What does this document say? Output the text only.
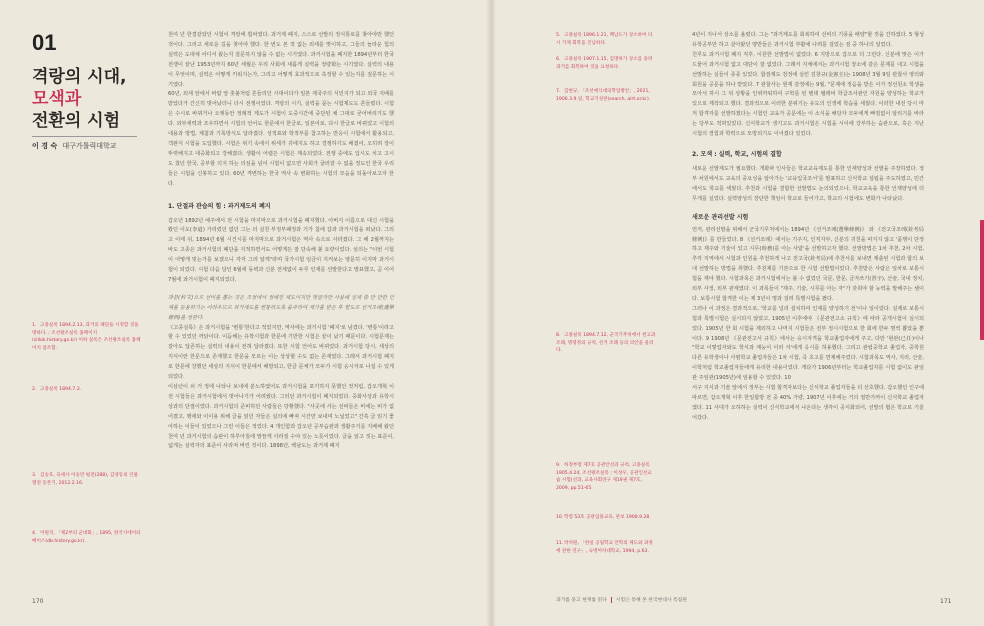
01
격랑의 시대,
모색과
전환의 시험
이 경 숙 대구가톨릭대학교
1. 고종실록 1894.2.13, 과거의 폐단을 시정할 것을 명하다. ; 조선왕조실록 홈페이지(sillok.history.go.kr) 이하 실록은 조선왕조실록 홈페이지 참조함.
2. 고종실록 1894.7.3.
3. 김승호, 육세사 이승만 평전(288), 김양동의 인물열전 동본기, 2012.2.16.
4. 이원석, 「제2부의 군대화」, 1895, 한국사데이터베이스(db.history.go.kr).

천여 년 한결같았던 시험이 격랑에 휩싸였다. 과거제 폐지, 스스로 선발의 정식통로를 찾아야만 했던 것이다. 그리고 새로운 길을 찾아야 했다. 한 번도 본 적 없는 외세를 맞이하고, 그들의 놀라운 힘의 실력은 도대체 어디서 왔는지 질문하지 않을 수 없는 시기였다. 과거시험을 폐지한 1894년부터 한국전쟁이 끝난 1953년까지 60년 세월은 우리 사회에 새롭게 실력을 정량화는 시기였다. 실력의 내용이 무엇이며, 실력은 어떻게 키워지는가, 그리고 어떻게 효과적으로 측정할 수 있는지를 질문하는 시기였다.

60년, 외세 앞에서 바람 앞 촛불처럼 흔들리던 시대이다가 일본 제국주의 식민지가 되고 외국 지배를 받았다가 간신히 벗어났더니 다시 전쟁이었다. 격랑의 시기, 실력을 묻는 시험제도도 흔들렸다. 시험은 수시로 바뀌거나 오랫동안 정례적 제도가 시험이 도중시간에 중단된 채 그대로 굳어버리기도 했다. 외부세력과 조우하면서 시험의 언어도 한문에서 한글로, 일본어로, 다시 한글로 바뀌었고 시험의 내용과 방법, 제첨과 기록방식도 달라졌다. 성적표와 학적부를 참고하는 반응이 시험에서 활용되고, 객관식 시험을 도입했다. 시험은 위기 속에서 위세가 귀에지도 하고 경쟁하기도 해졌어, 오히려 장이 뚜렷해지고 대중화되고 강해졌다. 생활이 어렵든 시험은 계속되었다. 전쟁 중에도 입시도 치고 고시도 쳤던 한국, 공부할 의지 하는 의심을 넘어 시험이 없으면 사회가 굴러갈 수 없을 정도인 한국 우리들은 시험을 신봉하고 있다. 60년 격변하는 한국 역사 속 변화하는 시험의 모습을 되돌아보고자 한다.

1. 단절과 관습의 힘 : 과거제도의 폐지

갑오년 1892년 예주에서 전 시험을 마지막으로 과거시험을 폐지했다. 아버지 이름으로 대신 시험을 봤던 이도(李道) 가리렀던 없던 그는 더 실천 부정부패정과 기가 첨에 갑과 과거시험을 떠났다. 그리고 이태 뒤, 1894년 6월 시건시를 마지막으로 과거시험은 역사 속으로 사라졌다. 그 해 2월까지는 바도 고종은 과거시험의 폐단을 지적하면서도 어떻게든 잘 단속해 볼 요량이었다. 심의는 "이번 시험이 어떻게 빗는가를 보겠으니 각각 그러 알게"라며 국가시험 임금이 지켜보는 영문히 이지막 과거시험이 되었다. 시험 다음 달인 6월에 동벽과 신분 전제없이 두루 인재를 선발한다고 발표했고, 곧 이어 7월에 과거시험이 폐지되었다.

과문(科文)으로 선비를 뽑는 것은 조정에서 정해진 제도이지만 헛글자만 사용해 실제 쓸 만 만한 인재를 등용하기는 어려우므로 과거제도를 변통하도록 품주하여 재가를 받은 후 별도로 선거조례(選擧條例)를 정한다.

《고종실록》은 과거시험을 '변통'한다고 적었지만, 역사에는 과거시험 '폐지'로 남겼다. '변통'이라고 할 수 있었던 까닭이다. 이듬해는 유학시험과 한문에 기반한 시험은 끝이 났기 때문이다. 시험문제는 갈아도 답존하는 실력의 내용이 전혀 달라졌다. 또한 시험 언어도 바뀌었다. 과거시험 당시, 세상의 지식이란 한문으로 존재했고 한문을 모르는 이는 상상할 수도 없는 존재였다. 그래서 과거시험 폐지로 한문에 강했던 세상의 지식이 한문에서 해방되고, 한글 문체가 모두가 시험 응시자로 나설 수 있게 되었다.

이삼년이 쇠 거 정에 나타나 보내에 분노하였어도 과거시험을 포기하지 못했던 것처럼, 갑오개혁 이전 시험들은 과거시험에서 벗어나기가 어려웠다. 그러던 과거시험이 폐지되었다. 중화사상과 유학시상과의 단절이었다. 과거시험의 준비하던 사람들은 당황했다. "사곳에 사는 선비들은 비에는 비가 없어졌고, 행에와 이이용 위해 글을 읽던 자들은 실의에 빠져 시간만 보내며 노닐었고" 간혹 글 읽기 좋아하는 이들이 있었으나 그런 이들은 적었다. 4 개인함과 갑오년 공부습관과 생활주기를 지배해 왔던 천여 년 과거시험의 습관이 하루아침에 말끔게 사라질 수야 있는 노릇이었다. 글을 읽고 짓는 표준이, 넓게는 실력자의 표준이 사라져 버린 것이다. 1898년, 백남도는 과거제 폐지

5. 고종실록 1896.1.21, 백남도가 상소하여 다시 거제 회복을 진남하다.
6. 고종실록 1907.1.15, 김명하가 상소를 올려 과거를 회복하여 것을 요청하다.
7. 김현규, 「조선예식대의학업방안」, 2021, 1906.3.9.일, 학교기성관(search, alrt.or.kr).
8. 고종실록 1894.7.12, 군국기무처에서 천고과 조례, 명령정의 규칙, 선거 조례 등의 의안을 올리다.
9. 허정부령 제7호 공관안선과 규칙, 고종실록 1905.4.24, 조선왕조실록 ; 이성우, 공관인선교습 시험(선과, 교육사회연구 제19권 제7호, 2009, pp.51-65.
10.학령 53호 공관임용교육, 관보 1908.9.28.
11.박치원, 「한일 공립학교 안학의 제도와 과정에 관한 연구」, 숙명여자대학교, 1994, p.63.

4년이 지나서 상소를 올렸다. 그는 "과거제도를 회복하여 선비의 기풍을 배양"할 것을 간하였다. 5 형성 유학공부만 하고 살아왔던 양반들은 과거시험 부활에 나려를 걸었는 짐 중 하나의 일었다.

친루도 과거시험 폐지 직후, 이원한 선발법이 없었다. 6 지방으로 갑으로 더 그런다. 신분에 맞은 이가 드물어 과거시험 없고 대단이 잘 없었다. 그래서 지체에서는 과거시험 장소에 같은 문제를 내고 시험을 선발하는 실들이 종종 있었다. 합검제도 검정에 실린 김창규(金憲圭)는 1908년 3월 9일 관찰사 영의와 회원을 공문을 하나 받았다. 7 관찰사는 현재 감정에는 9월, "문제에 정음을 받은 이가 정선원소 학생을 모아서 하시 그 뒤 상황을 인위까워하여 구학를 된 텐데 텔레비 학급조사관인 자원을 양성하는 학교가 있으로 제작되고 했다. 결과적으로 이러한 분위기는 유도의 인생에 학습을 세웠다. 이러한 내전 당시 마저 합격자를 선발하겠다는 시험인 교육가 공문에는 이 소식을 해당자 모두에게 빠짐없이 알리기를 바라는 당부도 적혀있었다. 신식학교가 생기고도 과거시험은 시험을 시이에 강부하는 습관으로, 혹은 지난 시험의 경험과 학력으로 모방되기도 이어졌다 있었다.

2. 모색 : 실력, 학교, 시험의 결합

새로운 선발제도가 필요했다. 개화파 인사들은 학교교육제도를 통한 인재양성과 선발을 주장하였다. 정부 차원에서도 교육의 중요성을 알아가는 '교육입국조서'를 발표하고 신식학교 설립을 주도하였고, 민간에서도 학교를 세웠다. 추천과 시험을 결합한 선발법도 논의되었으나, 학교교육을 통한 인재양성에 더 무게를 실었다. 실력양성의 장단한 책임이 학교로 들어가고, 학교의 시험에도 변화가 나타났다.

새로운 관리선발 시험

먼저, 관리선발을 위해서 군국기무처에서는 1894년 《선거조례(選擧條例)》 와 《전고국조례(銓考局條例)》를 만들었다. 8 《선거조례》에서는 기주지, 인직자부, 신분의 귀천을 따지지 않고 '품행이 단정하고 재주와 기술이 있고 시무(時務)를 아는 사람'을 선발하고자 했다. 선발방법은 1차 추천, 2차 시험, 추각 지역에서 시험과 인원을 추천하게 나고 전고국(銓考局)에 추천서를 보내면 제출된 시험과 합의 보내 선발하는 방법을 취했다. 추천제를 기본으로 한 시험 선발법이었다. 추천받은 사람은 일차로 보통시험을 재야 했다. 시험과목은 과거시험에서는 볼 수 없었던 국문, 한문, 글자쓰기(習字), 산술, 국내 정치, 외부 사정, 외부 관계였다. 이 과목들이 "재주, 기술, 시무를 아는 자"가 갖춰야 할 능력을 말해주는 셈이다. 보통시험 합격한 이는 제 3년이 명과 걸려 특별시험을 팠다.

그러나 이 과정은 결과적으로, '학교를 널리 설치하여 인재를 양성하기 전'이나 일이었다. 실제로 보통시험과 특별시험은 실시되지 않았고, 1905년 이후에야 《문관전고소 규칙》에 따라 공개시험이 실시되었다. 1905년 한 회 시험을 제외하고 나머지 시험들은 전부 정시시험으로 한 회에 한두 명씩 뽑았을 뿐이다. 9 1908년 《문관전고서 규칙》에서는 응시자격을 학교졸업자에게 주고, 다만 '현관(已任)이나 "학교 이렇업자와도 학식과 재능이 이러 자'에게 응시를 허용했다. 그리고 관립중학교 졸업자, 중학원 다른 유학생이나 사범학교 졸업자들은 1차 시험, 즉 초고를 면제해주었다. 시험과목도 역사, 지리, 산술, 이학처럼 학교졸업자들에게 유리한 내용이었다. 게다가 1906년부터는 학교졸업자를 시험 없이도 판임관 주임관(1905년)에 임용할 수 있었다. 10

서구 지식과 기술 앞에서 정부는 시험 합격자보다는 신식학교 졸업자들을 더 선호했다. 갑오했던 인구에 따르면, 갑오개혁 이후 한일합방 전 중 40% 가량, 1907년 이후에는 거의 절반가까이 신식학교 졸업자였다. 11 사대가 오하하는 실력이 신식학교에서 나온다는 생각이 공식화되어, 선발의 협은 학교로 기울어갔다.

170	과거를 묻고 현재를 읽다 시험은 통해 본 한국현대사 특집편	171
